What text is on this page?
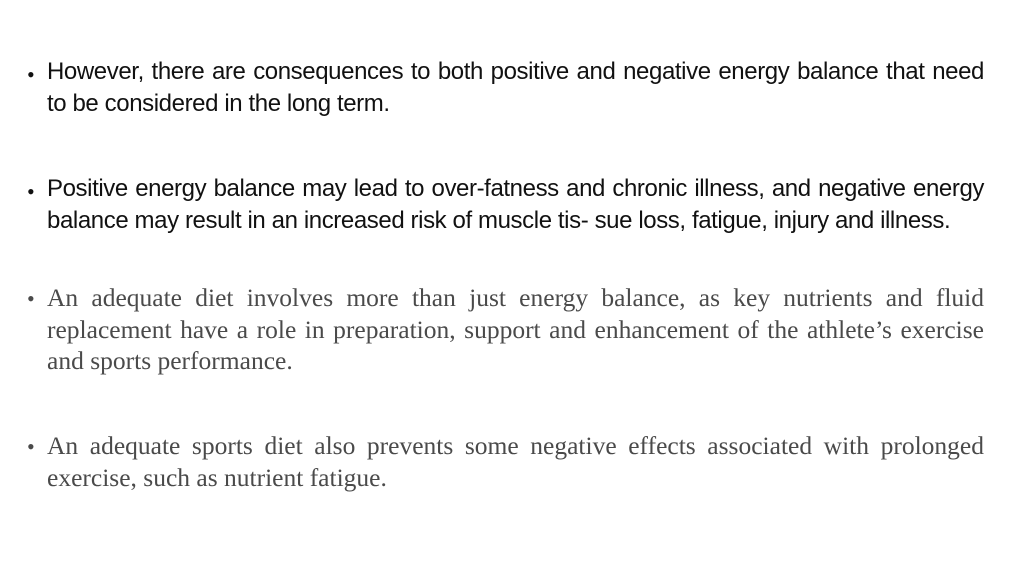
• However, there are consequences to both positive and negative energy balance that need to be considered in the long term.

• Positive energy balance may lead to over-fatness and chronic illness, and negative energy balance may result in an increased risk of muscle tis- sue loss, fatigue, injury and illness.

• An adequate diet involves more than just energy balance, as key nutrients and fluid replacement have a role in preparation, support and enhancement of the athlete’s exercise and sports performance.

• An adequate sports diet also prevents some negative effects associated with prolonged exercise, such as nutrient fatigue.
